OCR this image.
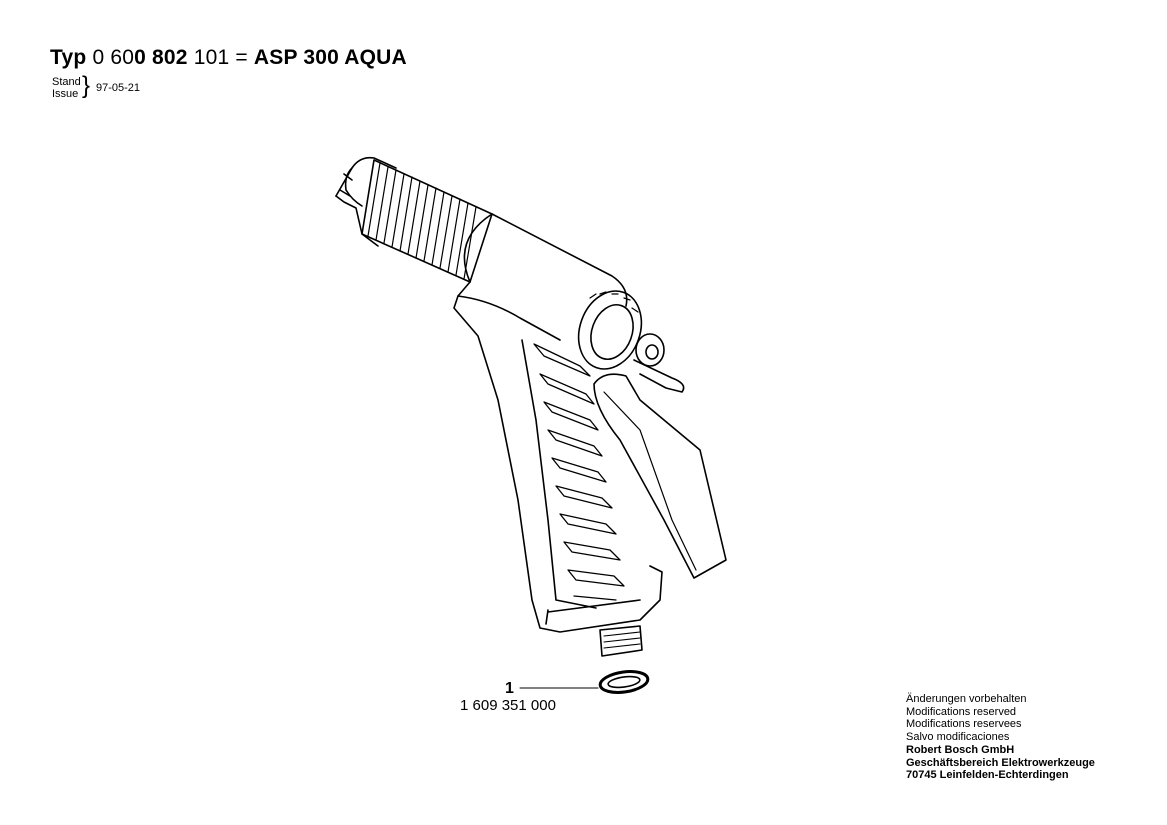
Typ 0 600 802 101 = ASP 300 AQUA
Stand
Issue } 97-05-21
1
1 609 351 000	Änderungen vorbehalten
Modifications reserved
Modifications reservees
Salvo modificaciones
Robert Bosch GmbH
Geschäftsbereich Elektrowerkzeuge
70745 Leinfelden-Echterdingen
